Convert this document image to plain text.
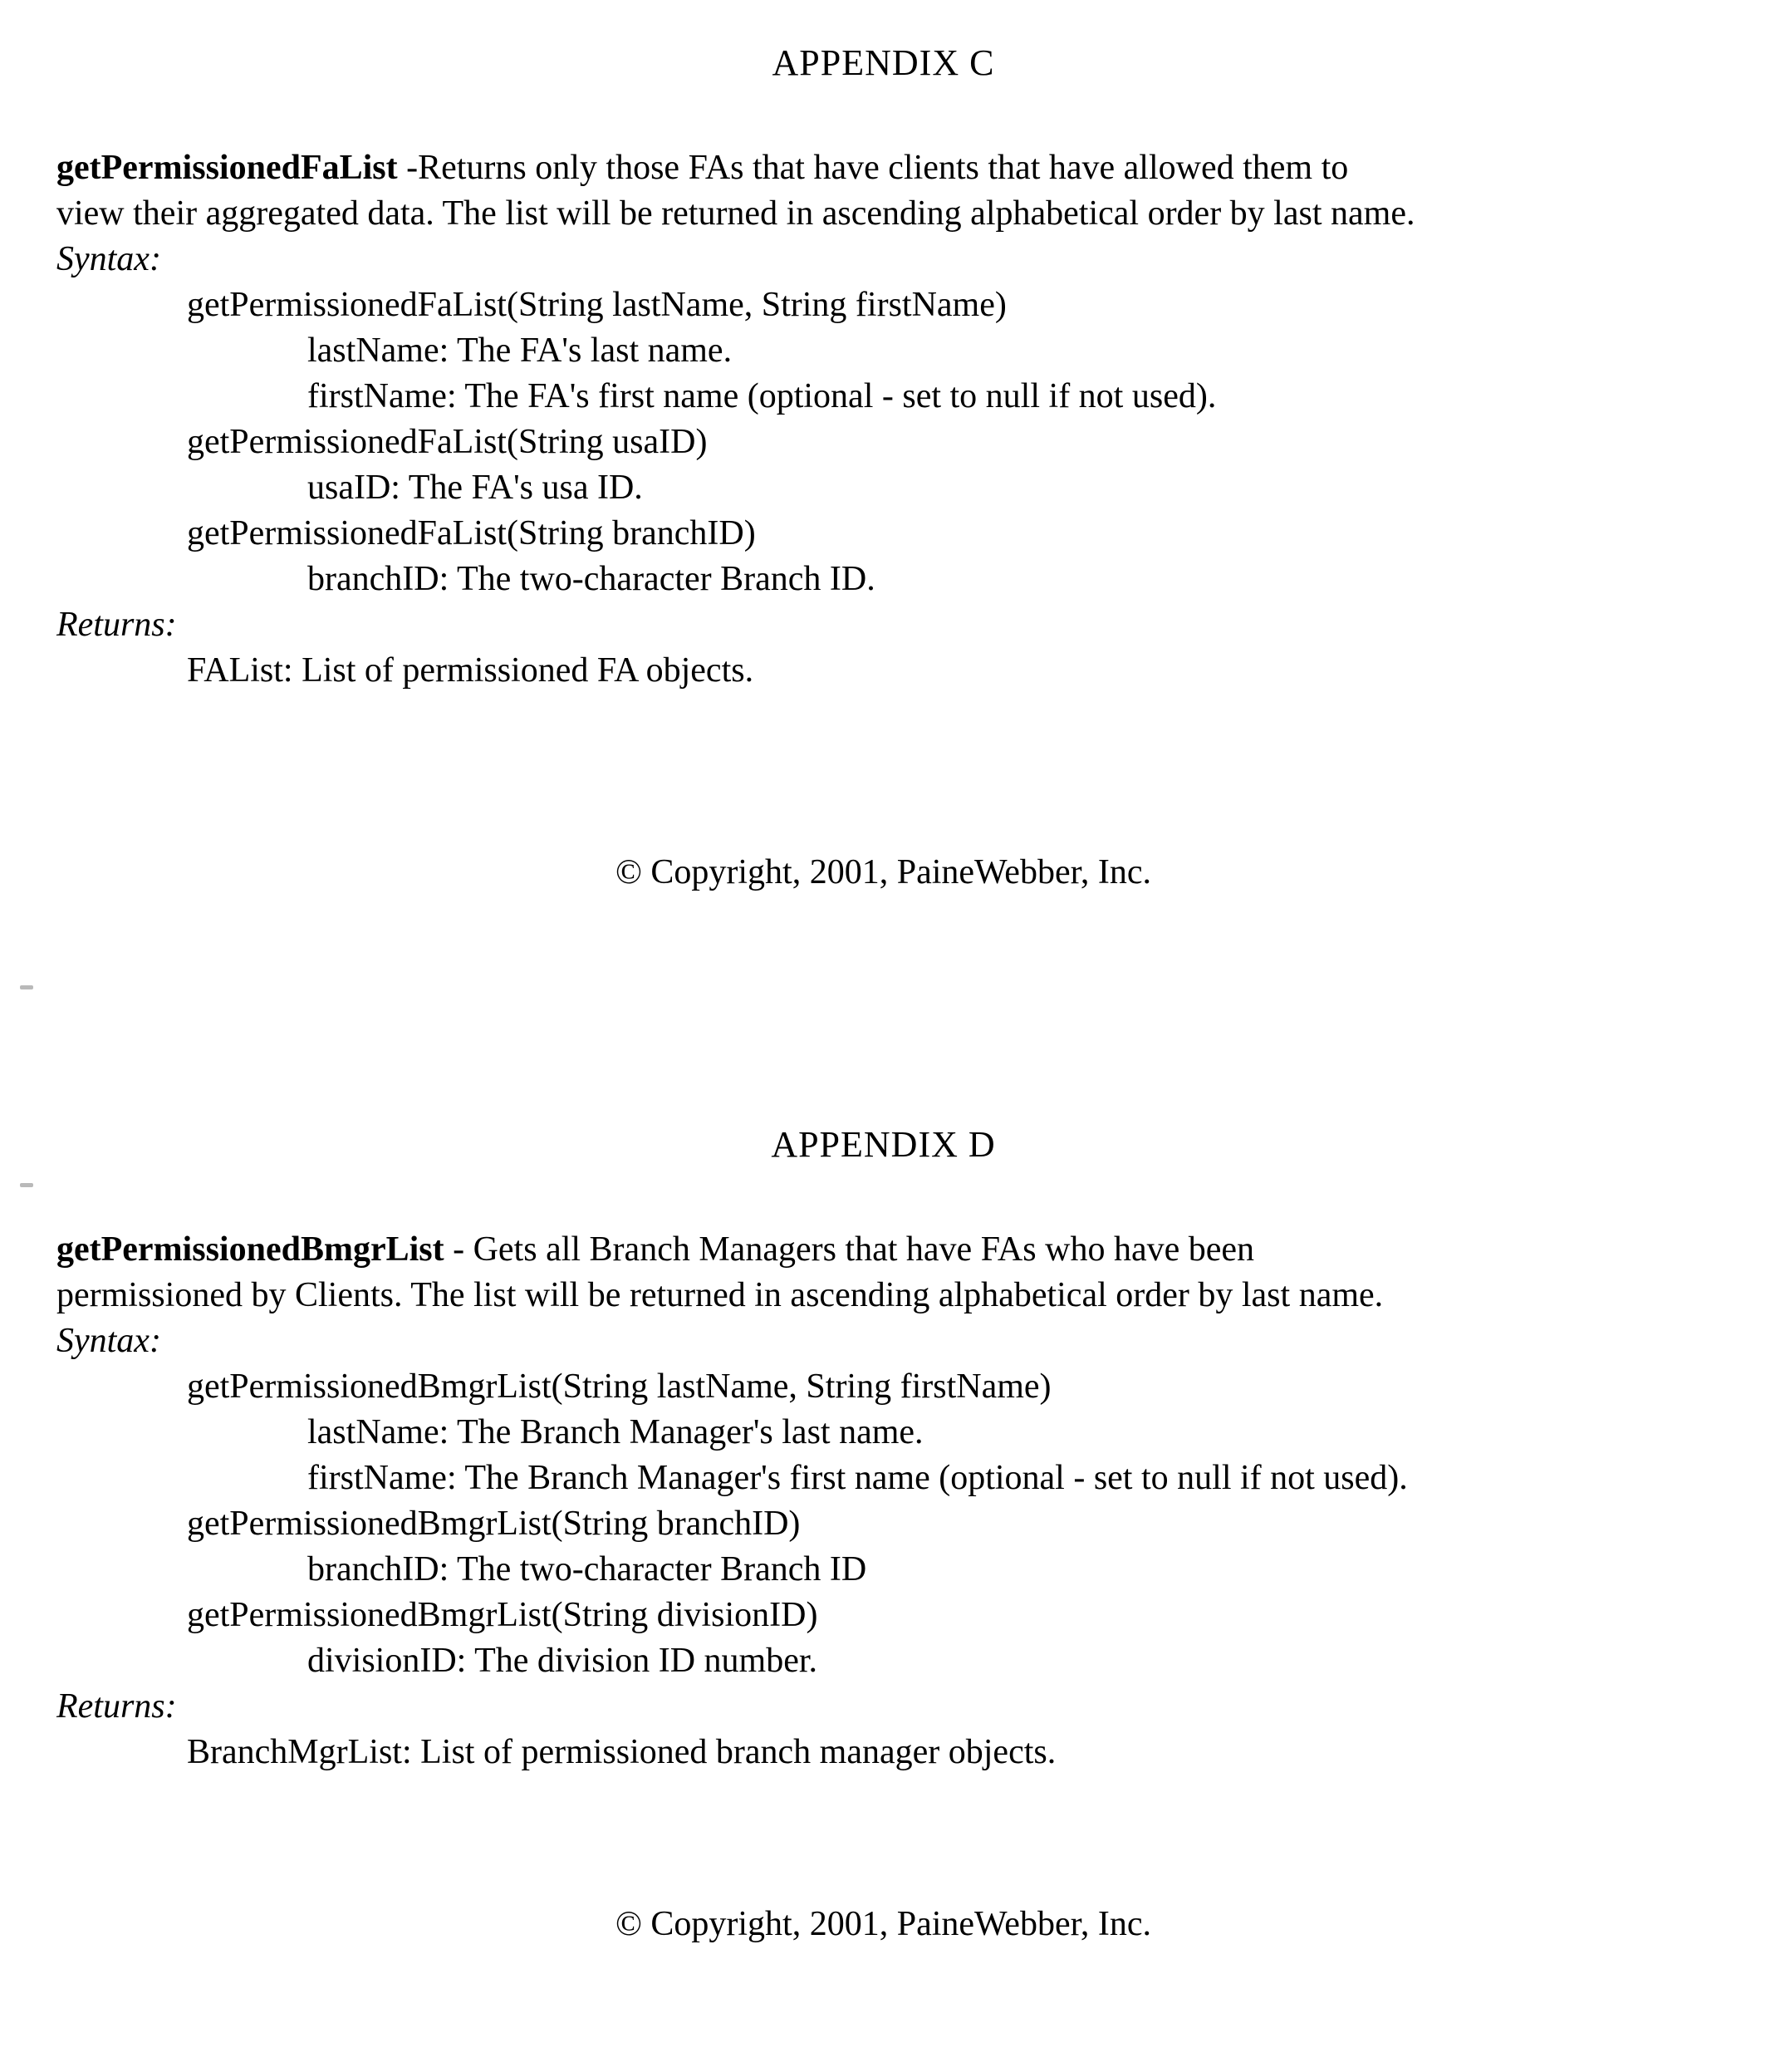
APPENDIX C
getPermissionedFaList -Returns only those FAs that have clients that have allowed them to
view their aggregated data. The list will be returned in ascending alphabetical order by last name.
Syntax:
getPermissionedFaList(String lastName, String firstName)
lastName: The FA's last name.
firstName: The FA's first name (optional - set to null if not used).
getPermissionedFaList(String usaID)
usaID: The FA's usa ID.
getPermissionedFaList(String branchID)
branchID: The two-character Branch ID.
Returns:
FAList: List of permissioned FA objects.
© Copyright, 2001, PaineWebber, Inc.
APPENDIX D
getPermissionedBmgrList - Gets all Branch Managers that have FAs who have been
permissioned by Clients. The list will be returned in ascending alphabetical order by last name.
Syntax:
getPermissionedBmgrList(String lastName, String firstName)
lastName: The Branch Manager's last name.
firstName: The Branch Manager's first name (optional - set to null if not used).
getPermissionedBmgrList(String branchID)
branchID: The two-character Branch ID
getPermissionedBmgrList(String divisionID)
divisionID: The division ID number.
Returns:
BranchMgrList: List of permissioned branch manager objects.
© Copyright, 2001, PaineWebber, Inc.
